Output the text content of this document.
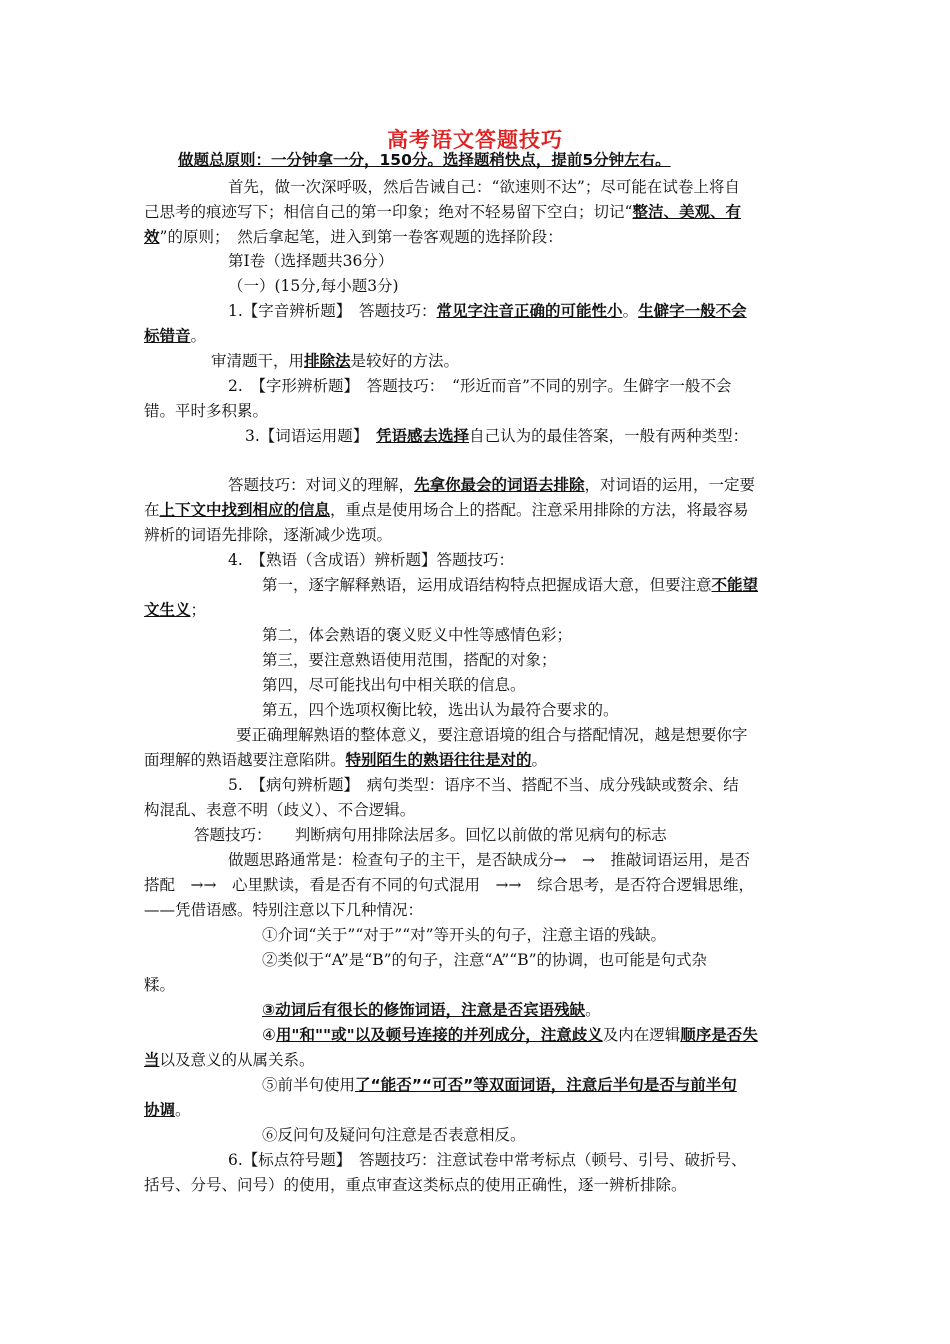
高考语文答题技巧
做题总原则：一分钟拿一分，150分。选择题稍快点，提前5分钟左右。
首先，做一次深呼吸，然后告诫自己：“欲速则不达”；尽可能在试卷上将自
己思考的痕迹写下；相信自己的第一印象；绝对不轻易留下空白；切记“整洁、美观、有
效”的原则；　然后拿起笔，进入到第一卷客观题的选择阶段：
第Ⅰ卷（选择题共36分）
（一）(15分,每小题3分)
1.【字音辨析题】　答题技巧：常见字注音正确的可能性小。生僻字一般不会
标错音。
审清题干，用排除法是较好的方法。
2.　【字形辨析题】　答题技巧：　“形近而音”不同的别字。生僻字一般不会
错。平时多积累。
3.【词语运用题】　凭语感去选择自己认为的最佳答案，一般有两种类型：
答题技巧：对词义的理解，先拿你最会的词语去排除，对词语的运用，一定要
在上下文中找到相应的信息，重点是使用场合上的搭配。注意采用排除的方法，将最容易
辨析的词语先排除，逐渐减少选项。
4.　【熟语（含成语）辨析题】答题技巧：
第一，逐字解释熟语，运用成语结构特点把握成语大意，但要注意不能望
文生义；
第二，体会熟语的褒义贬义中性等感情色彩；
第三，要注意熟语使用范围，搭配的对象；
第四，尽可能找出句中相关联的信息。
第五，四个选项权衡比较，选出认为最符合要求的。
要正确理解熟语的整体意义，要注意语境的组合与搭配情况，越是想要你字
面理解的熟语越要注意陷阱。特别陌生的熟语往往是对的。
5.　【病句辨析题】　病句类型：语序不当、搭配不当、成分残缺或赘余、结
构混乱、表意不明（歧义）、不合逻辑。
答题技巧：　　判断病句用排除法居多。回忆以前做的常见病句的标志
做题思路通常是：检查句子的主干，是否缺成分→　→　推敲词语运用，是否
搭配　→→　心里默读，看是否有不同的句式混用　→→　综合思考，是否符合逻辑思维，
——凭借语感。特别注意以下几种情况：
①介词“关于”“对于”“对”等开头的句子，注意主语的残缺。
②类似于“A”是“B”的句子，注意“A”“B”的协调，也可能是句式杂
糅。
③动词后有很长的修饰词语，注意是否宾语残缺。
④用"和""或"以及顿号连接的并列成分，注意歧义及内在逻辑顺序是否失
当以及意义的从属关系。
⑤前半句使用了“能否”“可否”等双面词语，注意后半句是否与前半句
协调。
⑥反问句及疑问句注意是否表意相反。
6.【标点符号题】　答题技巧：注意试卷中常考标点（顿号、引号、破折号、
括号、分号、问号）的使用，重点审查这类标点的使用正确性，逐一辨析排除。
